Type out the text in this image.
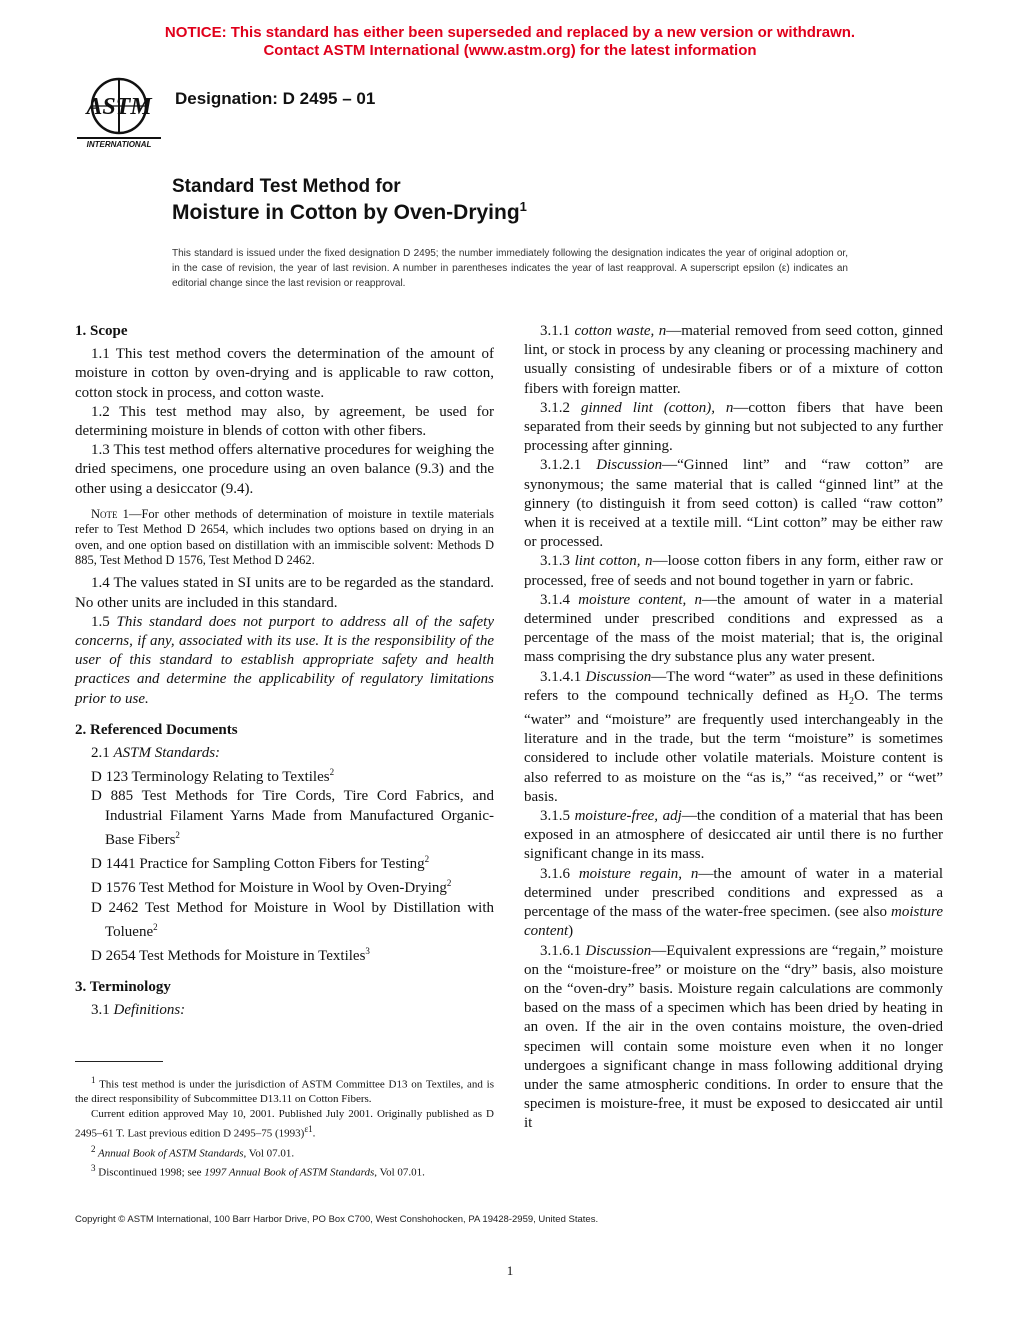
NOTICE: This standard has either been superseded and replaced by a new version or withdrawn.
Contact ASTM International (www.astm.org) for the latest information
ASTM
INTERNATIONAL
Designation: D 2495 – 01
Standard Test Method for
Moisture in Cotton by Oven-Drying$^1$
This standard is issued under the fixed designation D 2495; the number immediately following the designation indicates the year of original adoption or, in the case of revision, the year of last revision. A number in parentheses indicates the year of last reapproval. A superscript epsilon (ε) indicates an editorial change since the last revision or reapproval.
1. Scope

1.1 This test method covers the determination of the amount of moisture in cotton by oven-drying and is applicable to raw cotton, cotton stock in process, and cotton waste.

1.2 This test method may also, by agreement, be used for determining moisture in blends of cotton with other fibers.

1.3 This test method offers alternative procedures for weighing the dried specimens, one procedure using an oven balance (9.3) and the other using a desiccator (9.4).

Note 1—For other methods of determination of moisture in textile materials refer to Test Method D 2654, which includes two options based on drying in an oven, and one option based on distillation with an immiscible solvent: Methods D 885, Test Method D 1576, Test Method D 2462.

1.4 The values stated in SI units are to be regarded as the standard. No other units are included in this standard.

1.5 This standard does not purport to address all of the safety concerns, if any, associated with its use. It is the responsibility of the user of this standard to establish appropriate safety and health practices and determine the applicability of regulatory limitations prior to use.

2. Referenced Documents

2.1 ASTM Standards:

D 123 Terminology Relating to Textiles$^2$

D 885 Test Methods for Tire Cords, Tire Cord Fabrics, and Industrial Filament Yarns Made from Manufactured Organic-Base Fibers$^2$

D 1441 Practice for Sampling Cotton Fibers for Testing$^2$

D 1576 Test Method for Moisture in Wool by Oven-Drying$^2$

D 2462 Test Method for Moisture in Wool by Distillation with Toluene$^2$

D 2654 Test Methods for Moisture in Textiles$^3$

3. Terminology

3.1 Definitions:

$^1$ This test method is under the jurisdiction of ASTM Committee D13 on Textiles, and is the direct responsibility of Subcommittee D13.11 on Cotton Fibers.

Current edition approved May 10, 2001. Published July 2001. Originally published as D 2495–61 T. Last previous edition D 2495–75 $(1993)^{\varepsilon 1}$.

$^2$ Annual Book of ASTM Standards, Vol 07.01.

$^3$ Discontinued 1998; see 1997 Annual Book of ASTM Standards, Vol 07.01.

3.1.1 cotton waste, n—material removed from seed cotton, ginned lint, or stock in process by any cleaning or processing machinery and usually consisting of undesirable fibers or of a mixture of cotton fibers with foreign matter.

3.1.2 ginned lint (cotton), n—cotton fibers that have been separated from their seeds by ginning but not subjected to any further processing after ginning.

3.1.2.1 Discussion—“Ginned lint” and “raw cotton” are synonymous; the same material that is called “ginned lint” at the ginnery (to distinguish it from seed cotton) is called “raw cotton” when it is received at a textile mill. “Lint cotton” may be either raw or processed.

3.1.3 lint cotton, n—loose cotton fibers in any form, either raw or processed, free of seeds and not bound together in yarn or fabric.

3.1.4 moisture content, n—the amount of water in a material determined under prescribed conditions and expressed as a percentage of the mass of the moist material; that is, the original mass comprising the dry substance plus any water present.

3.1.4.1 Discussion—The word “water” as used in these definitions refers to the compound technically defined as $H_2O$. The terms “water” and “moisture” are frequently used interchangeably in the literature and in the trade, but the term “moisture” is sometimes considered to include other volatile materials. Moisture content is also referred to as moisture on the “as is,” “as received,” or “wet” basis.

3.1.5 moisture-free, adj—the condition of a material that has been exposed in an atmosphere of desiccated air until there is no further significant change in its mass.

3.1.6 moisture regain, n—the amount of water in a material determined under prescribed conditions and expressed as a percentage of the mass of the water-free specimen. (see also moisture content)

3.1.6.1 Discussion—Equivalent expressions are “regain,” moisture on the “moisture-free” or moisture on the “dry” basis, also moisture on the “oven-dry” basis. Moisture regain calculations are commonly based on the mass of a specimen which has been dried by heating in an oven. If the air in the oven contains moisture, the oven-dried specimen will contain some moisture even when it no longer undergoes a significant change in mass following additional drying under the same atmospheric conditions. In order to ensure that the specimen is moisture-free, it must be exposed to desiccated air until it

Copyright © ASTM International, 100 Barr Harbor Drive, PO Box C700, West Conshohocken, PA 19428-2959, United States.
1
